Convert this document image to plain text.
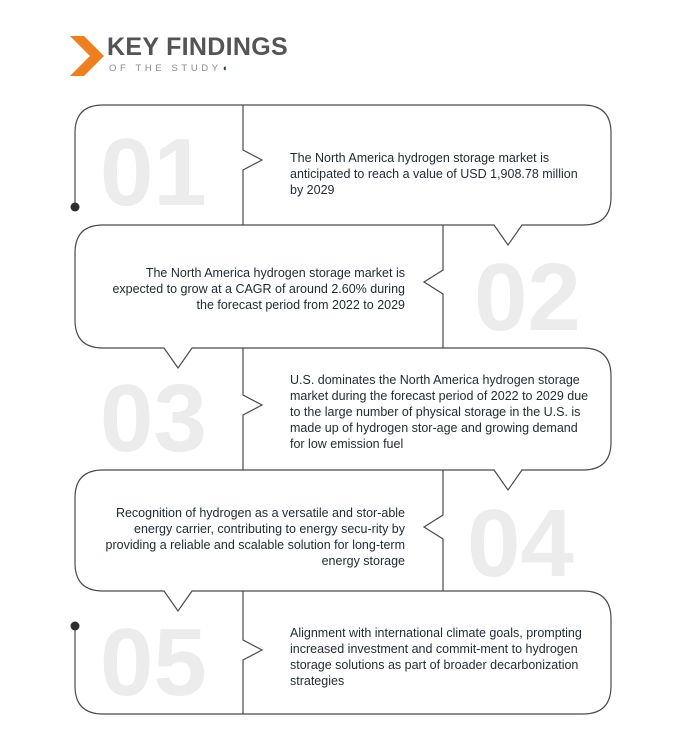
KEY FINDINGS
OF THE STUDY◖
01
02
03
04
05
The North America hydrogen storage market is anticipated to reach a value of USD 1,908.78 million by 2029
The North America hydrogen storage market is expected to grow at a CAGR of around 2.60% during the forecast period from 2022 to 2029
U.S. dominates the North America hydrogen storage market during the forecast period of 2022 to 2029 due to the large number of physical storage in the U.S. is made up of hydrogen stor-age and growing demand for low emission fuel
Recognition of hydrogen as a versatile and stor-able energy carrier, contributing to energy secu-rity by providing a reliable and scalable solution for long-term energy storage
Alignment with international climate goals, prompting increased investment and commit-ment to hydrogen storage solutions as part of broader decarbonization strategies
